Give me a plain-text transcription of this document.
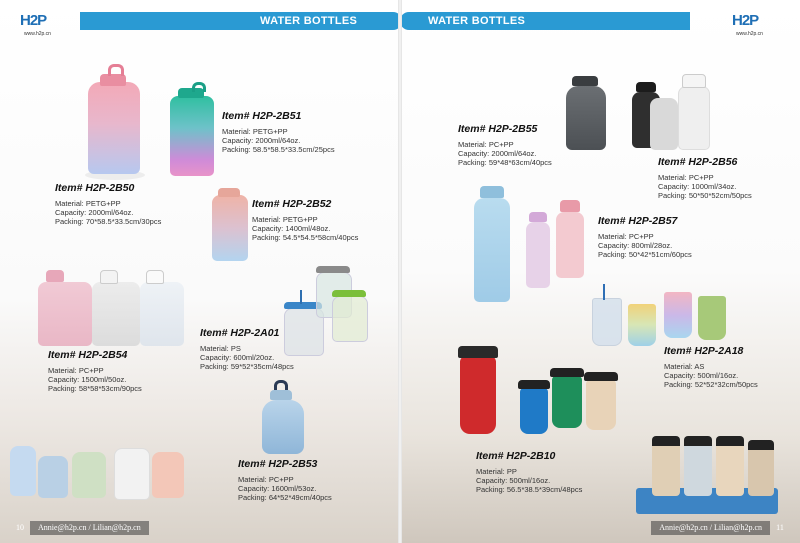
H2P
www.h2p.cn
WATER BOTTLES
Item# H2P-2B50
Material: PETG+PP
Capacity: 2000ml/64oz.
Packing: 70*58.5*33.5cm/30pcs
Item# H2P-2B51
Material: PETG+PP
Capacity: 2000ml/64oz.
Packing: 58.5*58.5*33.5cm/25pcs
Item# H2P-2B52
Material: PETG+PP
Capacity: 1400ml/48oz.
Packing: 54.5*54.5*58cm/40pcs
Item# H2P-2A01
Material: PS
Capacity: 600ml/20oz.
Packing: 59*52*35cm/48pcs
Item# H2P-2B54
Material: PC+PP
Capacity: 1500ml/50oz.
Packing: 58*58*53cm/90pcs
Item# H2P-2B53
Material: PC+PP
Capacity: 1600ml/53oz.
Packing: 64*52*49cm/40pcs
10 Annie@h2p.cn / Lilian@h2p.cn
WATER BOTTLES	H2P
www.h2p.cn
Item# H2P-2B55
Material: PC+PP
Capacity: 2000ml/64oz.
Packing: 59*48*63cm/40pcs	Item# H2P-2B56
Material: PC+PP
Capacity: 1000ml/34oz.
Packing: 50*50*52cm/50pcs
Item# H2P-2B57
Material: PC+PP
Capacity: 800ml/28oz.
Packing: 50*42*51cm/60pcs
Item# H2P-2A18
Material: AS
Capacity: 500ml/16oz.
Packing: 52*52*32cm/50pcs
Item# H2P-2B10
Material: PP
Capacity: 500ml/16oz.
Packing: 56.5*38.5*39cm/48pcs
Annie@h2p.cn / Lilian@h2p.cn 11
